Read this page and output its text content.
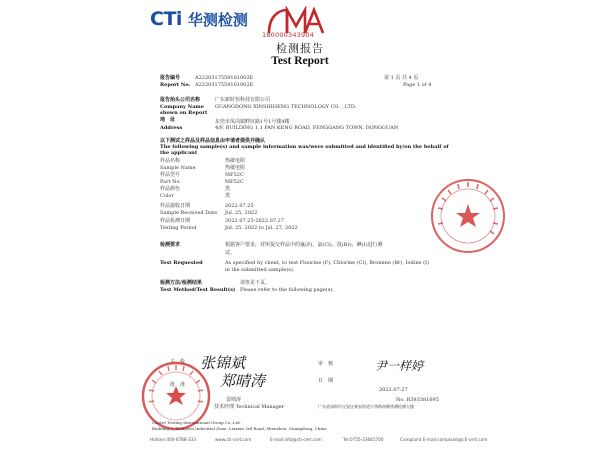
CTi 华测检测
180000343904
检测报告
Test Report
报告编号	A2220317559101002E
Report No. A2220317559101002E
第 1 页 共 4 页
Page 1 of 4
报告抬头公司名称	广东新时恒科技有限公司
Company Name GUANGDONG XINSHIHENG TECHNOLOGY CO. , LTD.
shown on Report
地　址	东莞市凤岗镇畔坑路1号1号楼4楼
Address	4/F, BUILDING 1,1 PAN KENG ROAD, FENGGANG TOWN, DONGGUAN
以下测试之样品及样品信息由申请者提供并确认
The following sample(s) and sample information was/were submitted and identified by/on the behalf of
the applicant
样品名称	热敏电阻
Sample Name	热敏电阻
样品型号	MF52C
Part No.	MF52C
样品颜色	黑
Color	黑
样品接收日期	2022.07.25
Sample Received Date Jul. 25, 2022
样品检测日期	2022.07.25-2022.07.27
Testing Period	Jul. 25, 2022 to Jul. 27, 2022
检测要求	根据客户要求，对所提交样品中的氟(F)、氯(Cl)、溴(Br)、碘(I)进行测
试。
Test Requested	As specified by client, to test Fluorine (F), Chlorine (Cl), Bromine (Br), Iodine (I)
in the submitted sample(s).
检测方法/检测结果	请参见下页。
Test Method/Test Result(s) Please refer to the following page(s).
主　检
批　准
张锦斌
郑晴涛
雷晴涛
技术经理 Technical Manager
审　核
日　期
尹一样婷
2022.07.27
No. R393381695
广东省深圳市宝安区新安街道兴华路南侧华测检测大楼
Centre Testing International Group Co.,Ltd.
Building C, Hongwei Industrial Zone, Liuxian 3rd Road, Shenzhen, Guangdong, China
Hotline:400-6788-333	www.cti-cert.com	E-mail:info@cti-cert.com	Tel:0755-33681700	Complaint E-mail:complaint@cti-cert.com
